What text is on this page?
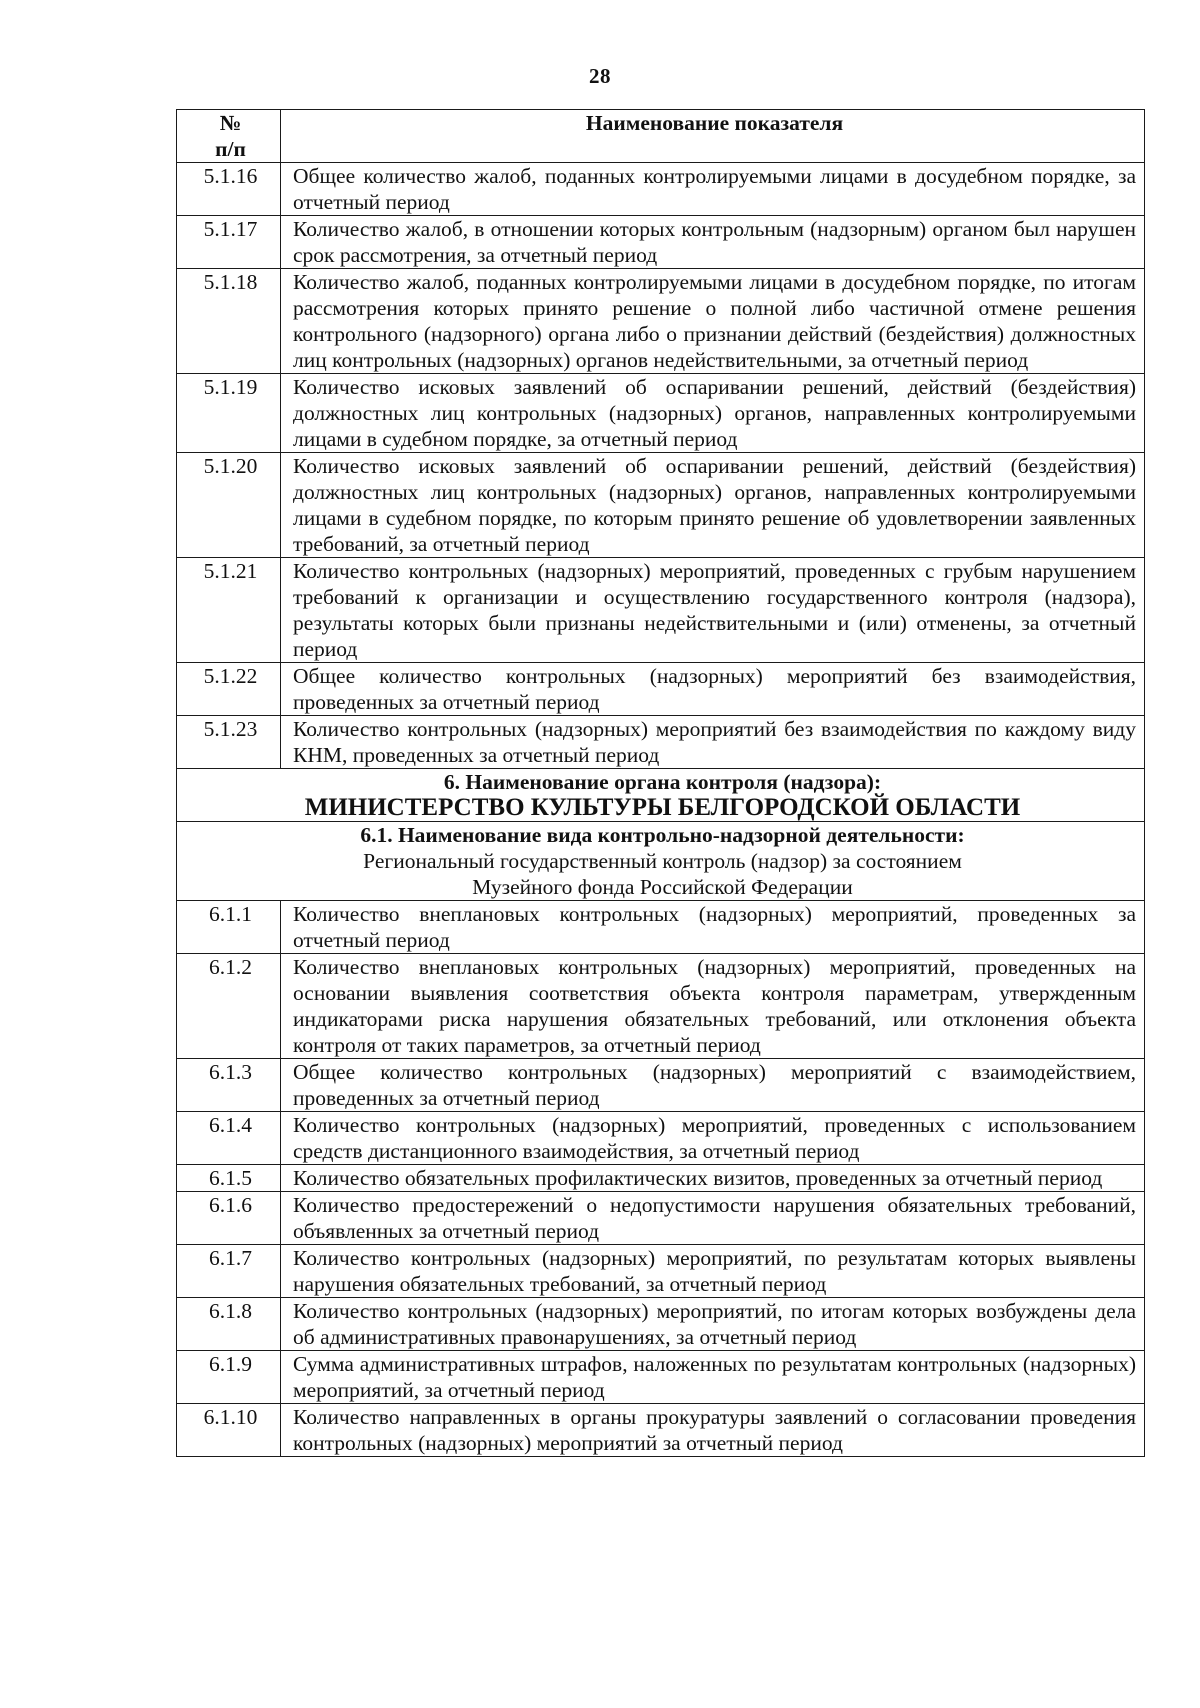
28
№
п/п	Наименование показателя
5.1.16	Общее количество жалоб, поданных контролируемыми лицами в досудебном порядке, за отчетный период
5.1.17	Количество жалоб, в отношении которых контрольным (надзорным) органом был нарушен срок рассмотрения, за отчетный период
5.1.18	Количество жалоб, поданных контролируемыми лицами в досудебном порядке, по итогам рассмотрения которых принято решение о полной либо частичной отмене решения контрольного (надзорного) органа либо о признании действий (бездействия) должностных лиц контрольных (надзорных) органов недействительными, за отчетный период
5.1.19	Количество исковых заявлений об оспаривании решений, действий (бездействия) должностных лиц контрольных (надзорных) органов, направленных контролируемыми лицами в судебном порядке, за отчетный период
5.1.20	Количество исковых заявлений об оспаривании решений, действий (бездействия) должностных лиц контрольных (надзорных) органов, направленных контролируемыми лицами в судебном порядке, по которым принято решение об удовлетворении заявленных требований, за отчетный период
5.1.21	Количество контрольных (надзорных) мероприятий, проведенных с грубым нарушением требований к организации и осуществлению государственного контроля (надзора), результаты которых были признаны недействительными и (или) отменены, за отчетный период
5.1.22	Общее количество контрольных (надзорных) мероприятий без взаимодействия, проведенных за отчетный период
5.1.23	Количество контрольных (надзорных) мероприятий без взаимодействия по каждому виду КНМ, проведенных за отчетный период

6. Наименование органа контроля (надзора):
МИНИСТЕРСТВО КУЛЬТУРЫ БЕЛГОРОДСКОЙ ОБЛАСТИ	

6.1. Наименование вида контрольно-надзорной деятельности:
Региональный государственный контроль (надзор) за состоянием
Музейного фонда Российской Федерации	

6.1.1	Количество внеплановых контрольных (надзорных) мероприятий, проведенных за отчетный период
6.1.2	Количество внеплановых контрольных (надзорных) мероприятий, проведенных на основании выявления соответствия объекта контроля параметрам, утвержденным индикаторами риска нарушения обязательных требований, или отклонения объекта контроля от таких параметров, за отчетный период
6.1.3	Общее количество контрольных (надзорных) мероприятий с взаимодействием, проведенных за отчетный период
6.1.4	Количество контрольных (надзорных) мероприятий, проведенных с использованием средств дистанционного взаимодействия, за отчетный период
6.1.5	Количество обязательных профилактических визитов, проведенных за отчетный период
6.1.6	Количество предостережений о недопустимости нарушения обязательных требований, объявленных за отчетный период
6.1.7	Количество контрольных (надзорных) мероприятий, по результатам которых выявлены нарушения обязательных требований, за отчетный период
6.1.8	Количество контрольных (надзорных) мероприятий, по итогам которых возбуждены дела об административных правонарушениях, за отчетный период
6.1.9	Сумма административных штрафов, наложенных по результатам контрольных (надзорных) мероприятий, за отчетный период
6.1.10	Количество направленных в органы прокуратуры заявлений о согласовании проведения контрольных (надзорных) мероприятий за отчетный период
